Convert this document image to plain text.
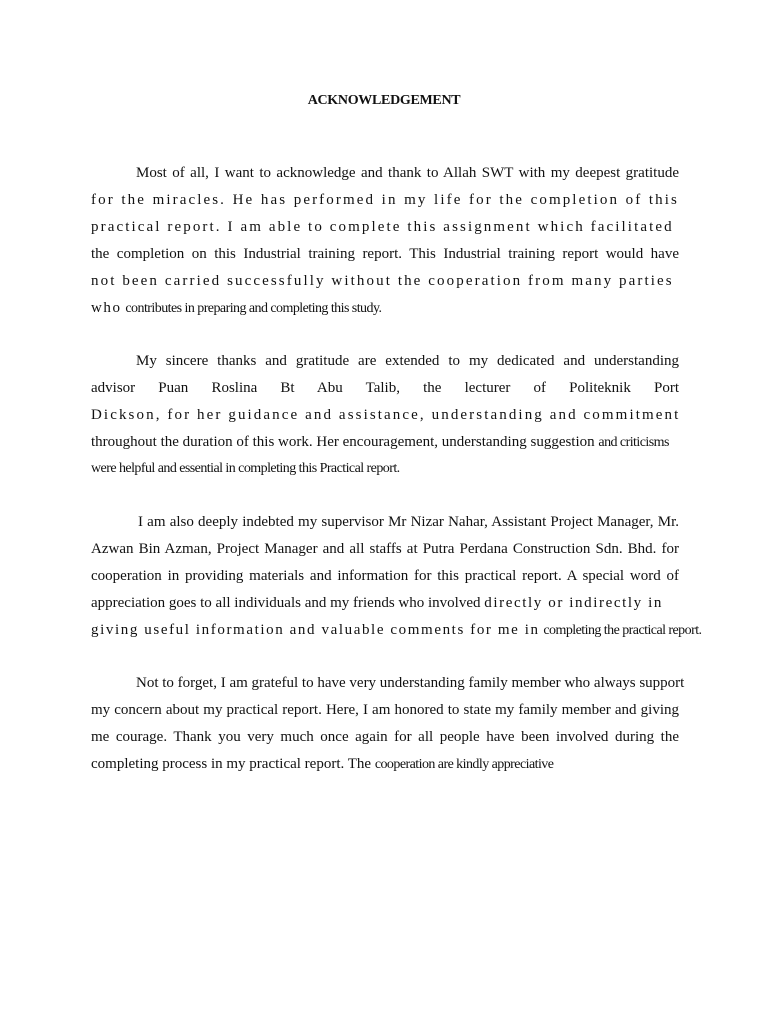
ACKNOWLEDGEMENT
Most of all, I want to acknowledge and thank to Allah SWT with my deepest gratitude
for the miracles. He has performed in my life for the completion of this
practical report. I am able to complete this assignment which facilitated
the completion on this Industrial training report. This Industrial training report would have
not been carried successfully without the cooperation from many parties
who contributes in preparing and completing this study.
My sincere thanks and gratitude are extended to my dedicated and understanding
advisor Puan Roslina Bt Abu Talib, the lecturer of Politeknik Port
Dickson, for her guidance and assistance, understanding and commitment
throughout the duration of this work. Her encouragement, understanding suggestion and criticisms
were helpful and essential in completing this Practical report.
I am also deeply indebted my supervisor Mr Nizar Nahar, Assistant Project Manager, Mr.
Azwan Bin Azman, Project Manager and all staffs at Putra Perdana Construction Sdn. Bhd. for
cooperation in providing materials and information for this practical report. A special word of
appreciation goes to all individuals and my friends who involved directly or indirectly in
giving useful information and valuable comments for me in completing the practical report.
Not to forget, I am grateful to have very understanding family member who always support
my concern about my practical report. Here, I am honored to state my family member and giving
me courage. Thank you very much once again for all people have been involved during the
completing process in my practical report. The cooperation are kindly appreciative
